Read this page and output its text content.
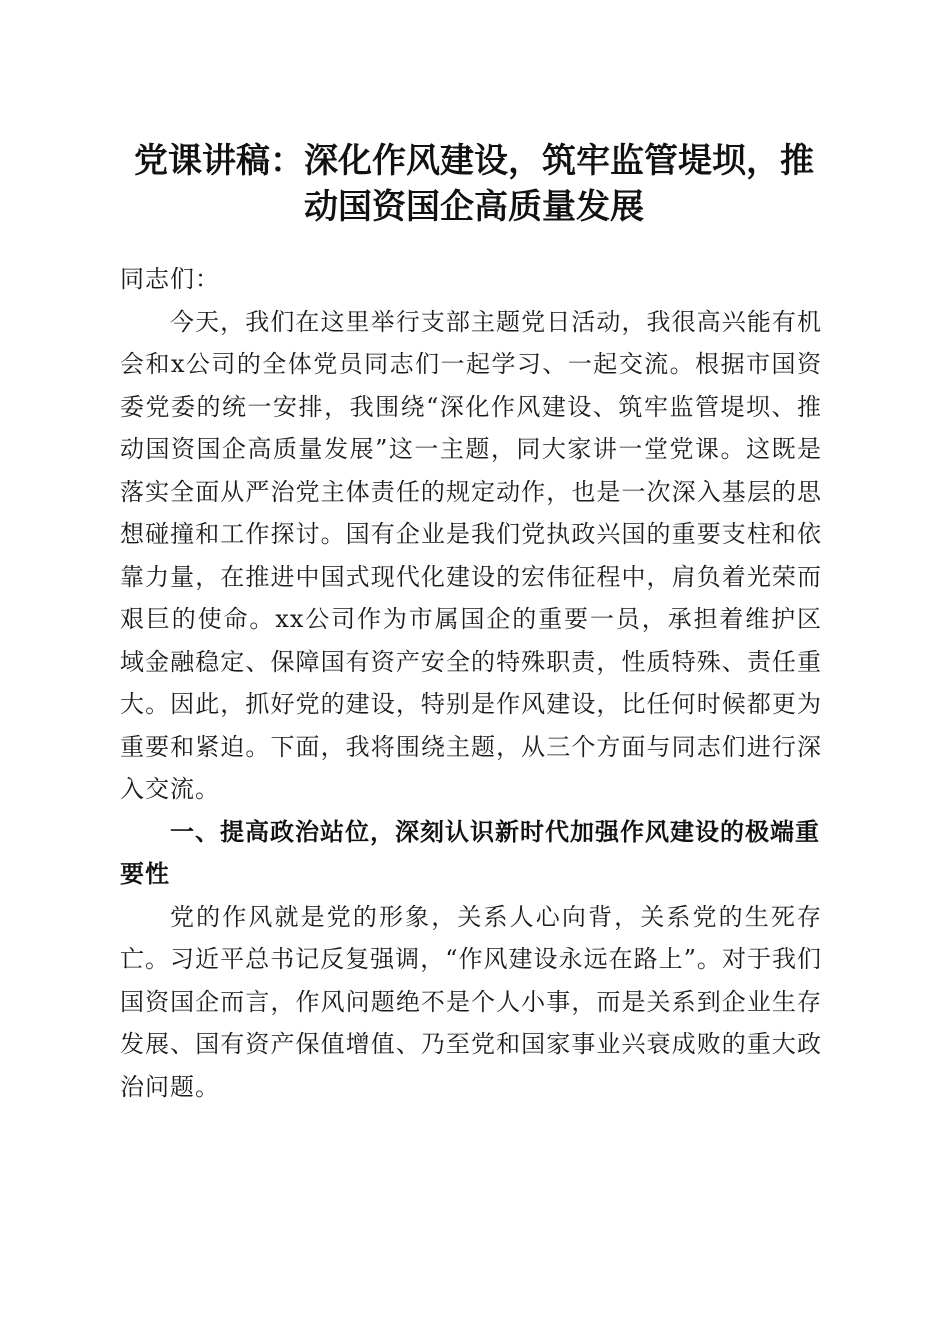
党课讲稿：深化作风建设，筑牢监管堤坝，推
动国资国企高质量发展

同志们：

今天，我们在这里举行支部主题党日活动，我很高兴能有机会和x公司的全体党员同志们一起学习、一起交流。根据市国资委党委的统一安排，我围绕“深化作风建设、筑牢监管堤坝、推动国资国企高质量发展”这一主题，同大家讲一堂党课。这既是落实全面从严治党主体责任的规定动作，也是一次深入基层的思想碰撞和工作探讨。国有企业是我们党执政兴国的重要支柱和依靠力量，在推进中国式现代化建设的宏伟征程中，肩负着光荣而艰巨的使命。xx公司作为市属国企的重要一员，承担着维护区域金融稳定、保障国有资产安全的特殊职责，性质特殊、责任重大。因此，抓好党的建设，特别是作风建设，比任何时候都更为重要和紧迫。下面，我将围绕主题，从三个方面与同志们进行深入交流。

一、提高政治站位，深刻认识新时代加强作风建设的极端重要性

党的作风就是党的形象，关系人心向背，关系党的生死存亡。习近平总书记反复强调，“作风建设永远在路上”。对于我们国资国企而言，作风问题绝不是个人小事，而是关系到企业生存发展、国有资产保值增值、乃至党和国家事业兴衰成败的重大政治问题。
